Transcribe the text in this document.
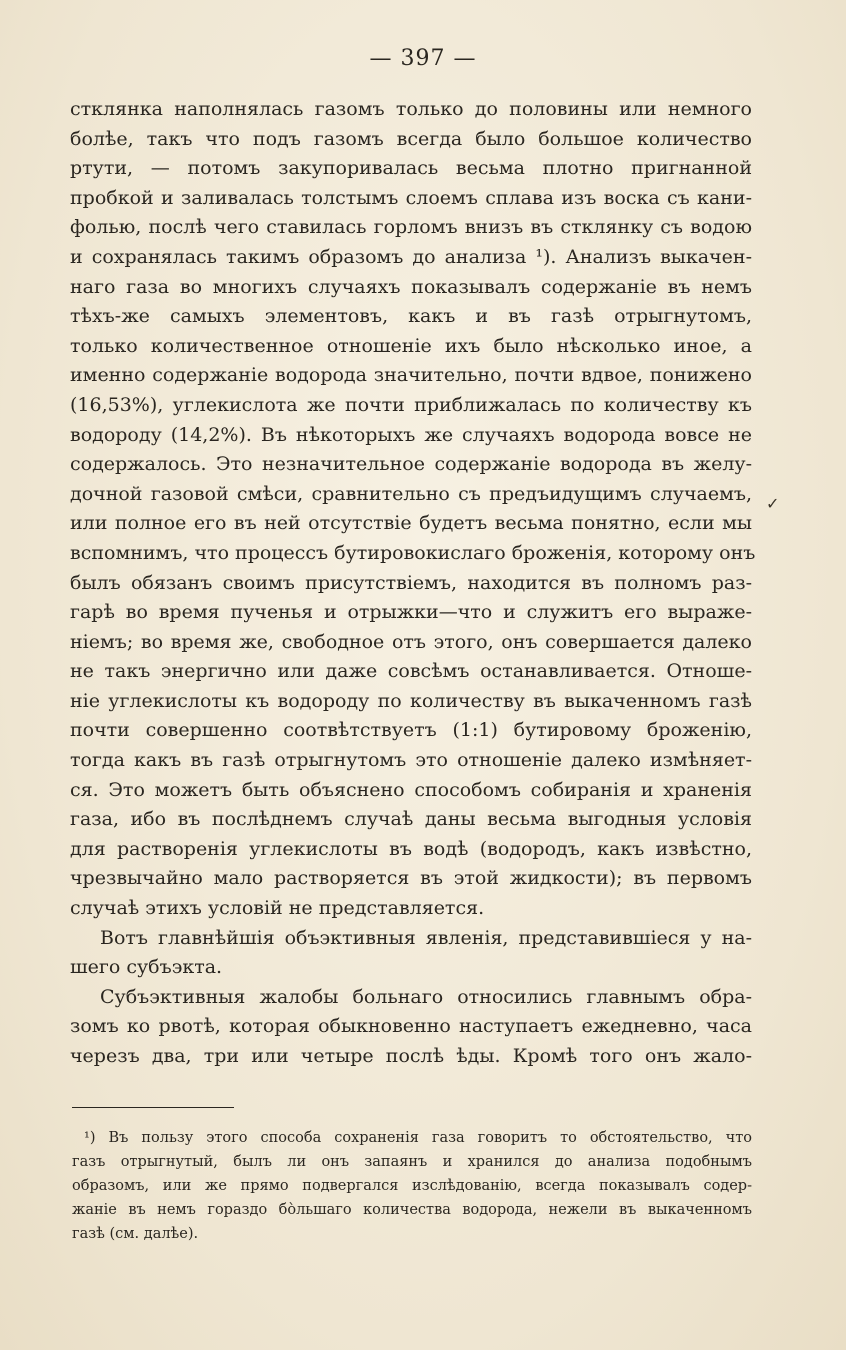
— 397 —
стклянка наполнялась газомъ только до половины или немного
болѣе, такъ что подъ газомъ всегда было большое количество
ртути, — потомъ закупоривалась весьма плотно пригнанной
пробкой и заливалась толстымъ слоемъ сплава изъ воска съ кани-
фолью, послѣ чего ставилась горломъ внизъ въ стклянку съ водою
и сохранялась такимъ образомъ до анализа ¹). Анализъ выкачен-
наго газа во многихъ случаяхъ показывалъ содержаніе въ немъ
тѣхъ-же самыхъ элементовъ, какъ и въ газѣ отрыгнутомъ,
только количественное отношеніе ихъ было нѣсколько иное, а
именно содержаніе водорода значительно, почти вдвое, понижено
(16,53%), углекислота же почти приближалась по количеству къ
водороду (14,2%). Въ нѣкоторыхъ же случаяхъ водорода вовсе не
содержалось. Это незначительное содержаніе водорода въ желу-
дочной газовой смѣси, сравнительно съ предъидущимъ случаемъ,
или полное его въ ней отсутствіе будетъ весьма понятно, если мы
вспомнимъ, что процессъ бутировокислаго броженія, которому онъ
былъ обязанъ своимъ присутствіемъ, находится въ полномъ раз-
гарѣ во время пученья и отрыжки—что и служитъ его выраже-
ніемъ; во время же, свободное отъ этого, онъ совершается далеко
не такъ энергично или даже совсѣмъ останавливается. Отноше-
ніе углекислоты къ водороду по количеству въ выкаченномъ газѣ
почти совершенно соотвѣтствуетъ (1:1) бутировому броженію,
тогда какъ въ газѣ отрыгнутомъ это отношеніе далеко измѣняет-
ся. Это можетъ быть объяснено способомъ собиранія и храненія
газа, ибо въ послѣднемъ случаѣ даны весьма выгодныя условія
для растворенія углекислоты въ водѣ (водородъ, какъ извѣстно,
чрезвычайно мало растворяется въ этой жидкости); въ первомъ
случаѣ этихъ условій не представляется.
Вотъ главнѣйшія объэктивныя явленія, представившіеся у на-
шего субъэкта.
Субъэктивныя жалобы больнаго относились главнымъ обра-
зомъ ко рвотѣ, которая обыкновенно наступаетъ ежедневно, часа
черезъ два, три или четыре послѣ ѣды. Кромѣ того онъ жало-
✓
¹) Въ пользу этого способа сохраненія газа говоритъ то обстоятельство, что
газъ отрыгнутый, былъ ли онъ запаянъ и хранился до анализа подобнымъ
образомъ, или же прямо подвергался изслѣдованію, всегда показывалъ содер-
жаніе въ немъ гораздо бо̀льшаго количества водорода, нежели въ выкаченномъ
газѣ (см. далѣе).
